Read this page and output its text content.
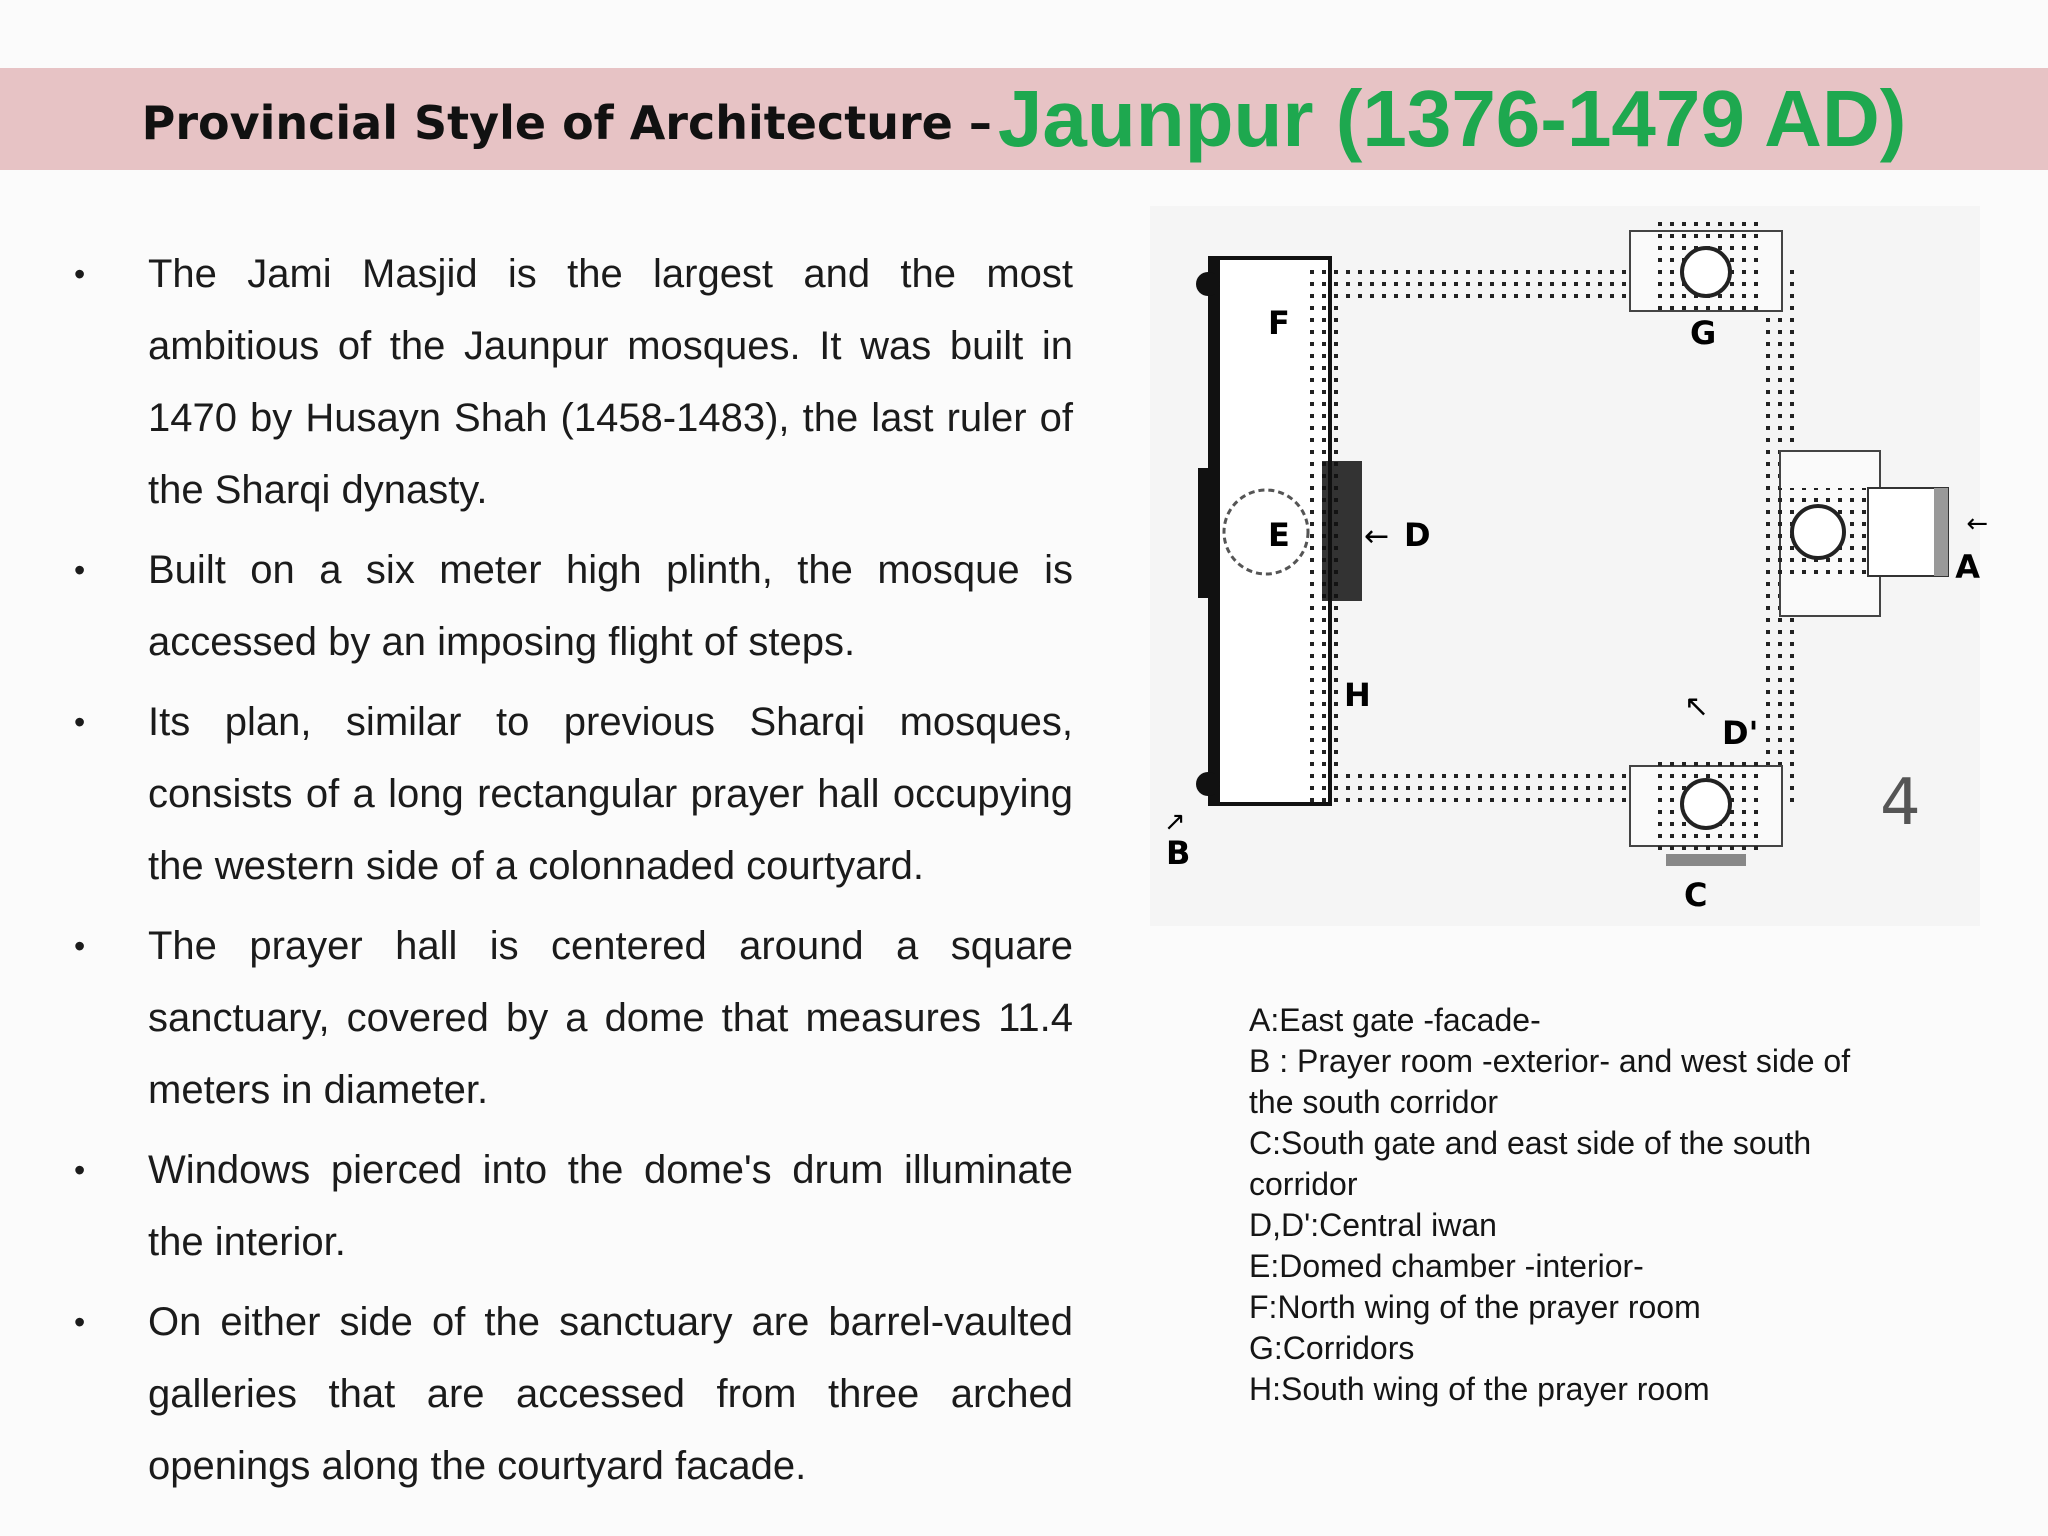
Provincial Style of Architecture – Jaunpur (1376-1479 AD)
• The Jami Masjid is the largest and the most ambitious of the Jaunpur mosques. It was built in 1470 by Husayn Shah (1458-1483), the last ruler of the Sharqi dynasty.
• Built on a six meter high plinth, the mosque is accessed by an imposing flight of steps.
• Its plan, similar to previous Sharqi mosques, consists of a long rectangular prayer hall occupying the western side of a colonnaded courtyard.
• The prayer hall is centered around a square sanctuary, covered by a dome that measures 11.4 meters in diameter.
• Windows pierced into the dome's drum illuminate the interior.
• On either side of the sanctuary are barrel-vaulted galleries that are accessed from three arched openings along the courtyard facade.
F
E ← D
H
G
C
B
↗
↖
D'
←
A
4

A:East gate -facade-

B : Prayer room -exterior- and west side of

the south corridor

C:South gate and east side of the south

corridor

D,D':Central iwan

E:Domed chamber -interior-

F:North wing of the prayer room

G:Corridors

H:South wing of the prayer room
